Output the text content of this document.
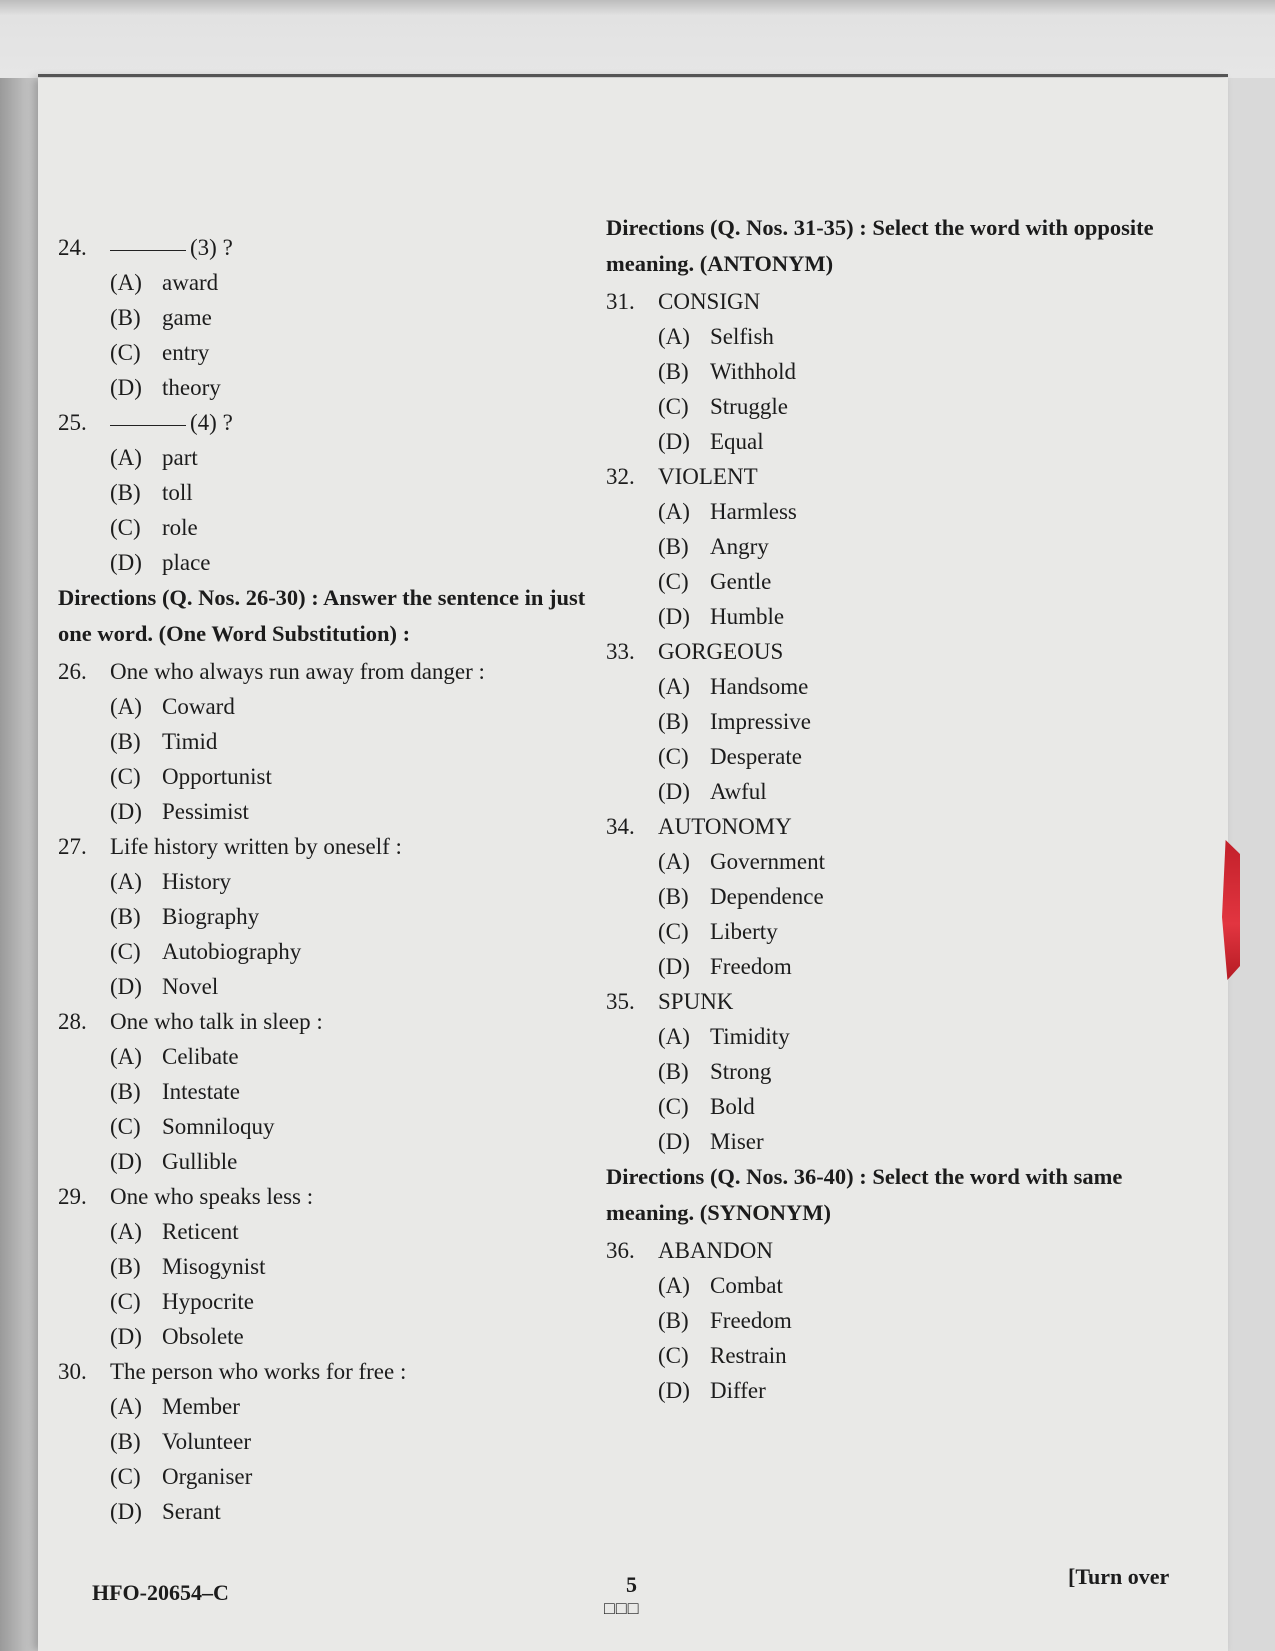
24.	(3) ?
(A) award
(B) game
(C) entry
(D) theory
25.	(4) ?
(A) part
(B) toll
(C) role
(D) place
Directions (Q. Nos. 26-30) : Answer the sentence in just one word. (One Word Substitution) :
26.	One who always run away from danger :
(A) Coward
(B) Timid
(C) Opportunist
(D) Pessimist
27.	Life history written by oneself :
(A) History
(B) Biography
(C) Autobiography
(D) Novel
28.	One who talk in sleep :
(A) Celibate
(B) Intestate
(C) Somniloquy
(D) Gullible
29.	One who speaks less :
(A) Reticent
(B) Misogynist
(C) Hypocrite
(D) Obsolete
30.	The person who works for free :
(A) Member
(B) Volunteer
(C) Organiser
(D) Serant
Directions (Q. Nos. 31-35) : Select the word with opposite meaning. (ANTONYM)
31.	CONSIGN
(A) Selfish
(B) Withhold
(C) Struggle
(D) Equal
32.	VIOLENT
(A) Harmless
(B) Angry
(C) Gentle
(D) Humble
33.	GORGEOUS
(A) Handsome
(B) Impressive
(C) Desperate
(D) Awful
34.	AUTONOMY
(A) Government
(B) Dependence
(C) Liberty
(D) Freedom
35.	SPUNK
(A) Timidity
(B) Strong
(C) Bold
(D) Miser
Directions (Q. Nos. 36-40) : Select the word with same meaning. (SYNONYM)
36.	ABANDON
(A) Combat
(B) Freedom
(C) Restrain
(D) Differ
HFO-20654–C	5
□□□
[Turn over
